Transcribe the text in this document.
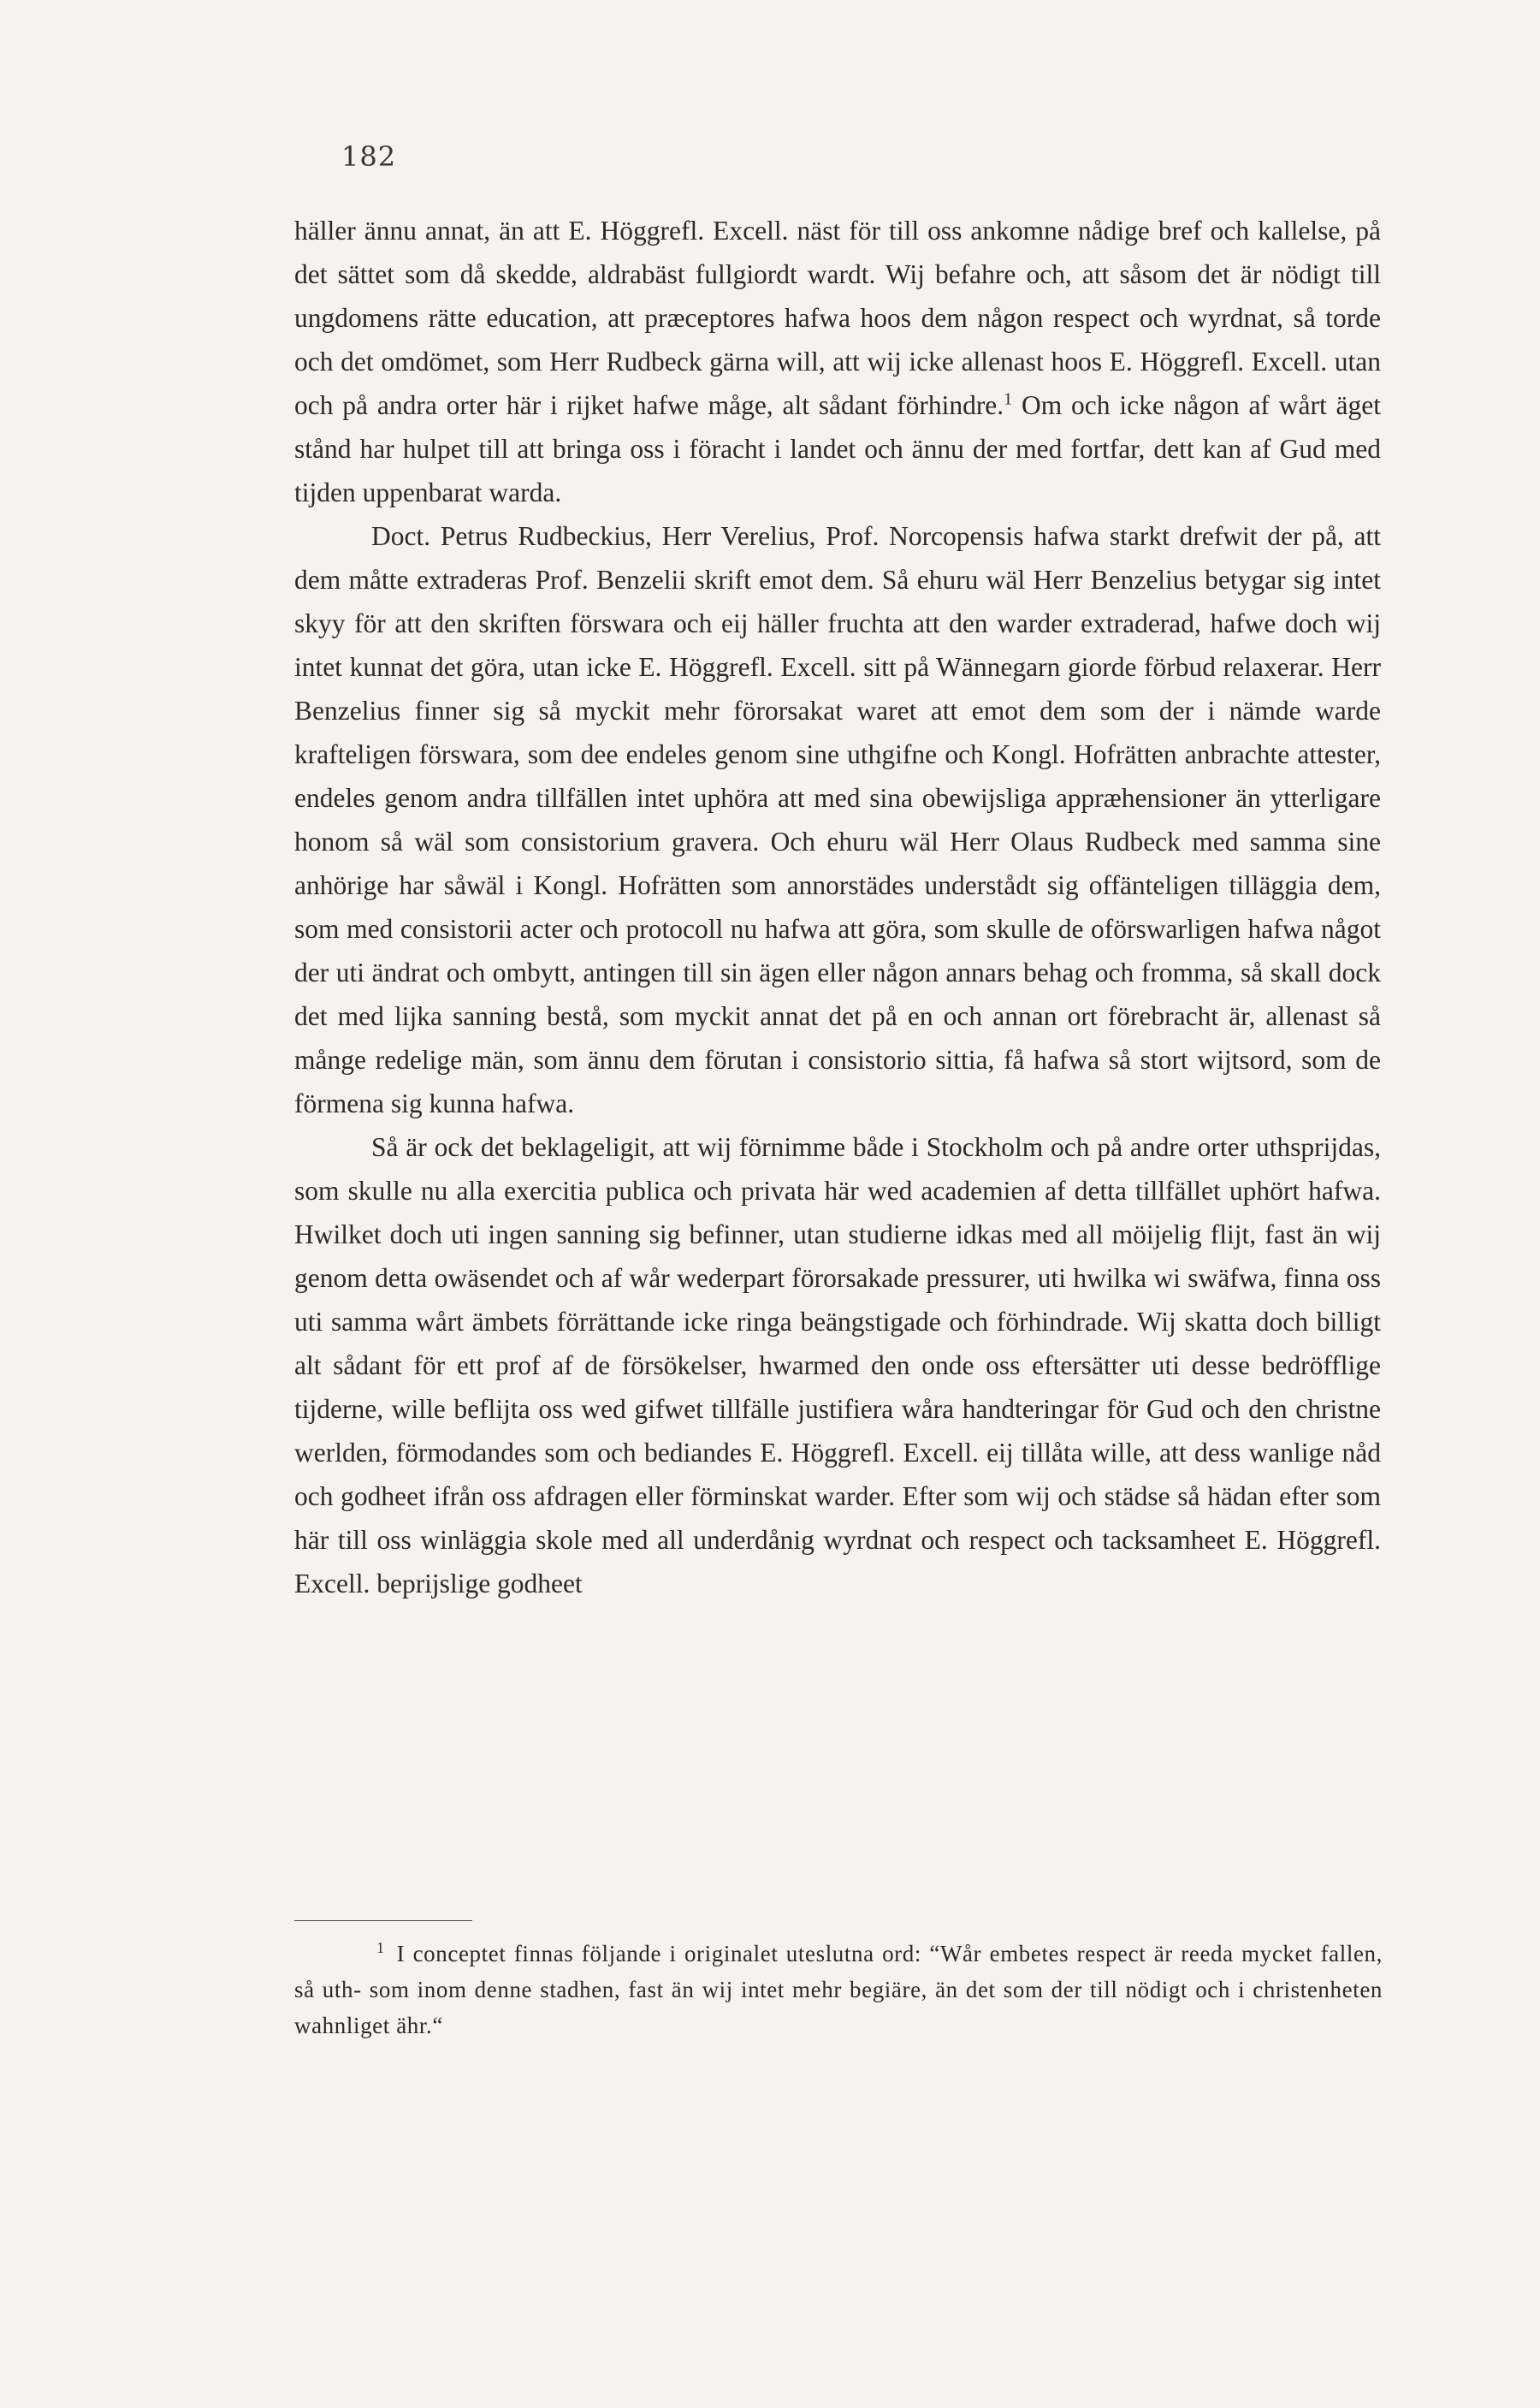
182

häller ännu annat, än att E. Höggrefl. Excell. näst för till oss ankomne nådige bref och kallelse, på det sättet som då skedde, aldrabäst fullgiordt wardt. Wij befahre och, att såsom det är nödigt till ungdomens rätte education, att præceptores hafwa hoos dem någon respect och wyrdnat, så torde och det omdömet, som Herr Rudbeck gärna will, att wij icke allenast hoos E. Höggrefl. Excell. utan och på andra orter här i rijket hafwe måge, alt sådant förhindre.$^1$ Om och icke någon af wårt äget stånd har hulpet till att bringa oss i föracht i landet och ännu der med fortfar, dett kan af Gud med tijden uppenbarat warda.

Doct. Petrus Rudbeckius, Herr Verelius, Prof. Norcopensis hafwa starkt drefwit der på, att dem måtte extraderas Prof. Benzelii skrift emot dem. Så ehuru wäl Herr Benzelius betygar sig intet skyy för att den skriften förswara och eij häller fruchta att den warder extraderad, hafwe doch wij intet kunnat det göra, utan icke E. Höggrefl. Excell. sitt på Wännegarn giorde förbud relaxerar. Herr Benzelius finner sig så myckit mehr förorsakat waret att emot dem som der i nämde warde krafteligen förswara, som dee endeles genom sine uthgifne och Kongl. Hofrätten anbrachte attester, endeles genom andra tillfällen intet uphöra att med sina obewijsliga appræhensioner än ytterligare honom så wäl som consistorium gravera. Och ehuru wäl Herr Olaus Rudbeck med samma sine anhörige har såwäl i Kongl. Hofrätten som annorstädes understådt sig offänteligen tilläggia dem, som med consistorii acter och protocoll nu hafwa att göra, som skulle de oförswarligen hafwa något der uti ändrat och ombytt, antingen till sin ägen eller någon annars behag och fromma, så skall dock det med lijka sanning bestå, som myckit annat det på en och annan ort förebracht är, allenast så månge redelige män, som ännu dem förutan i consistorio sittia, få hafwa så stort wijtsord, som de förmena sig kunna hafwa.

Så är ock det beklageligit, att wij förnimme både i Stockholm och på andre orter uthsprijdas, som skulle nu alla exercitia publica och privata här wed academien af detta tillfället uphört hafwa. Hwilket doch uti ingen sanning sig befinner, utan studierne idkas med all möijelig flijt, fast än wij genom detta owäsendet och af wår wederpart förorsakade pressurer, uti hwilka wi swäfwa, finna oss uti samma wårt ämbets förrättande icke ringa beängstigade och förhindrade. Wij skatta doch billigt alt sådant för ett prof af de försökelser, hwarmed den onde oss eftersätter uti desse bedröfflige tijderne, wille beflijta oss wed gifwet tillfälle justifiera wåra handteringar för Gud och den christne werlden, förmodandes som och bediandes E. Höggrefl. Excell. eij tillåta wille, att dess wanlige nåd och godheet ifrån oss afdragen eller förminskat warder. Efter som wij och städse så hädan efter som här till oss winläggia skole med all underdånig wyrdnat och respect och tacksamheet E. Höggrefl. Excell. beprijslige godheet

1 I conceptet finnas följande i originalet uteslutna ord: “Wår embetes respect är reeda mycket fallen, så uth- som inom denne stadhen, fast än wij intet mehr begiäre, än det som der till nödigt och i christenheten wahnliget ähr.“
